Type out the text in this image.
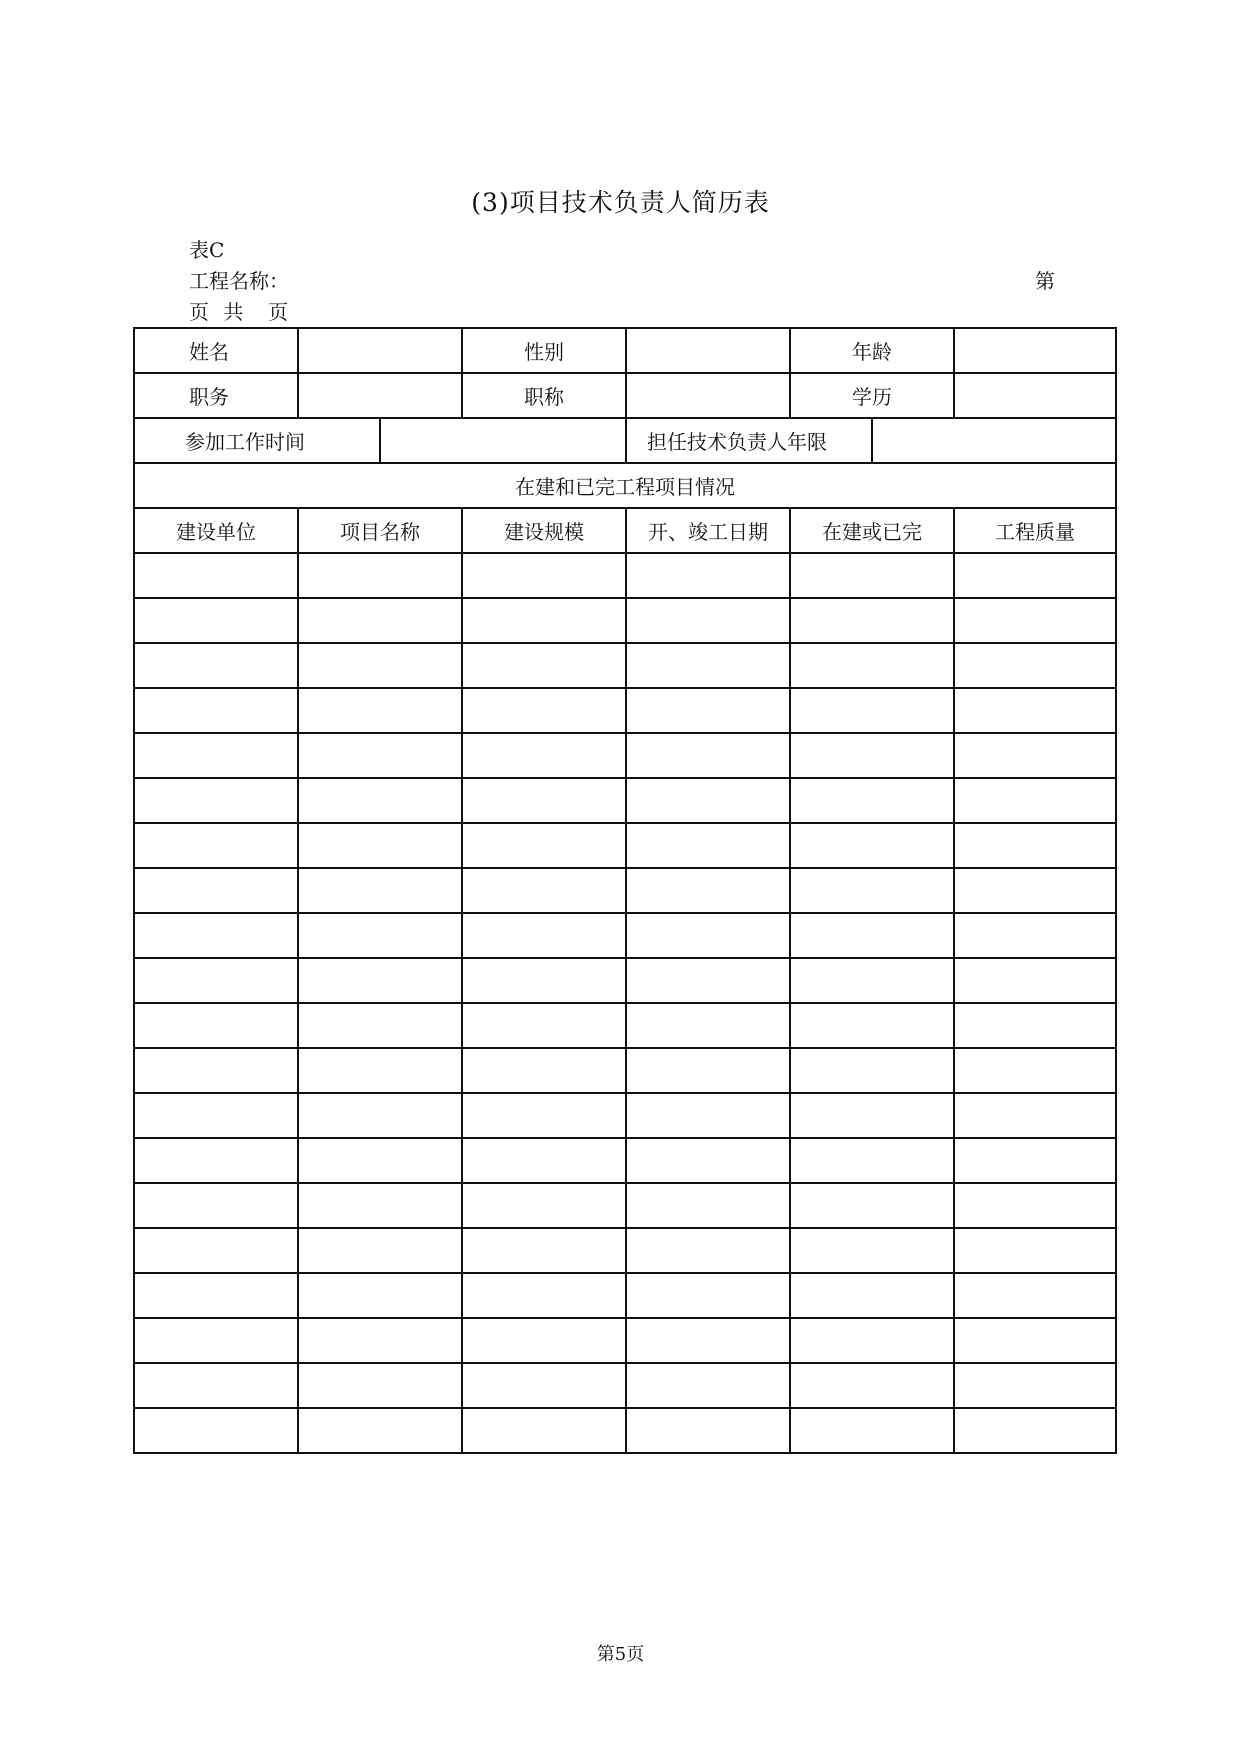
(3)项目技术负责人简历表
表C
工程名称：	第
页 共  页
姓名			性别		年龄		
职务			职称		学历		
参加工作时间				担任技术负责人年限			
在建和已完工程项目情况							
建设单位	项目名称		建设规模	开、竣工日期	在建或已完		工程质量

第5页
